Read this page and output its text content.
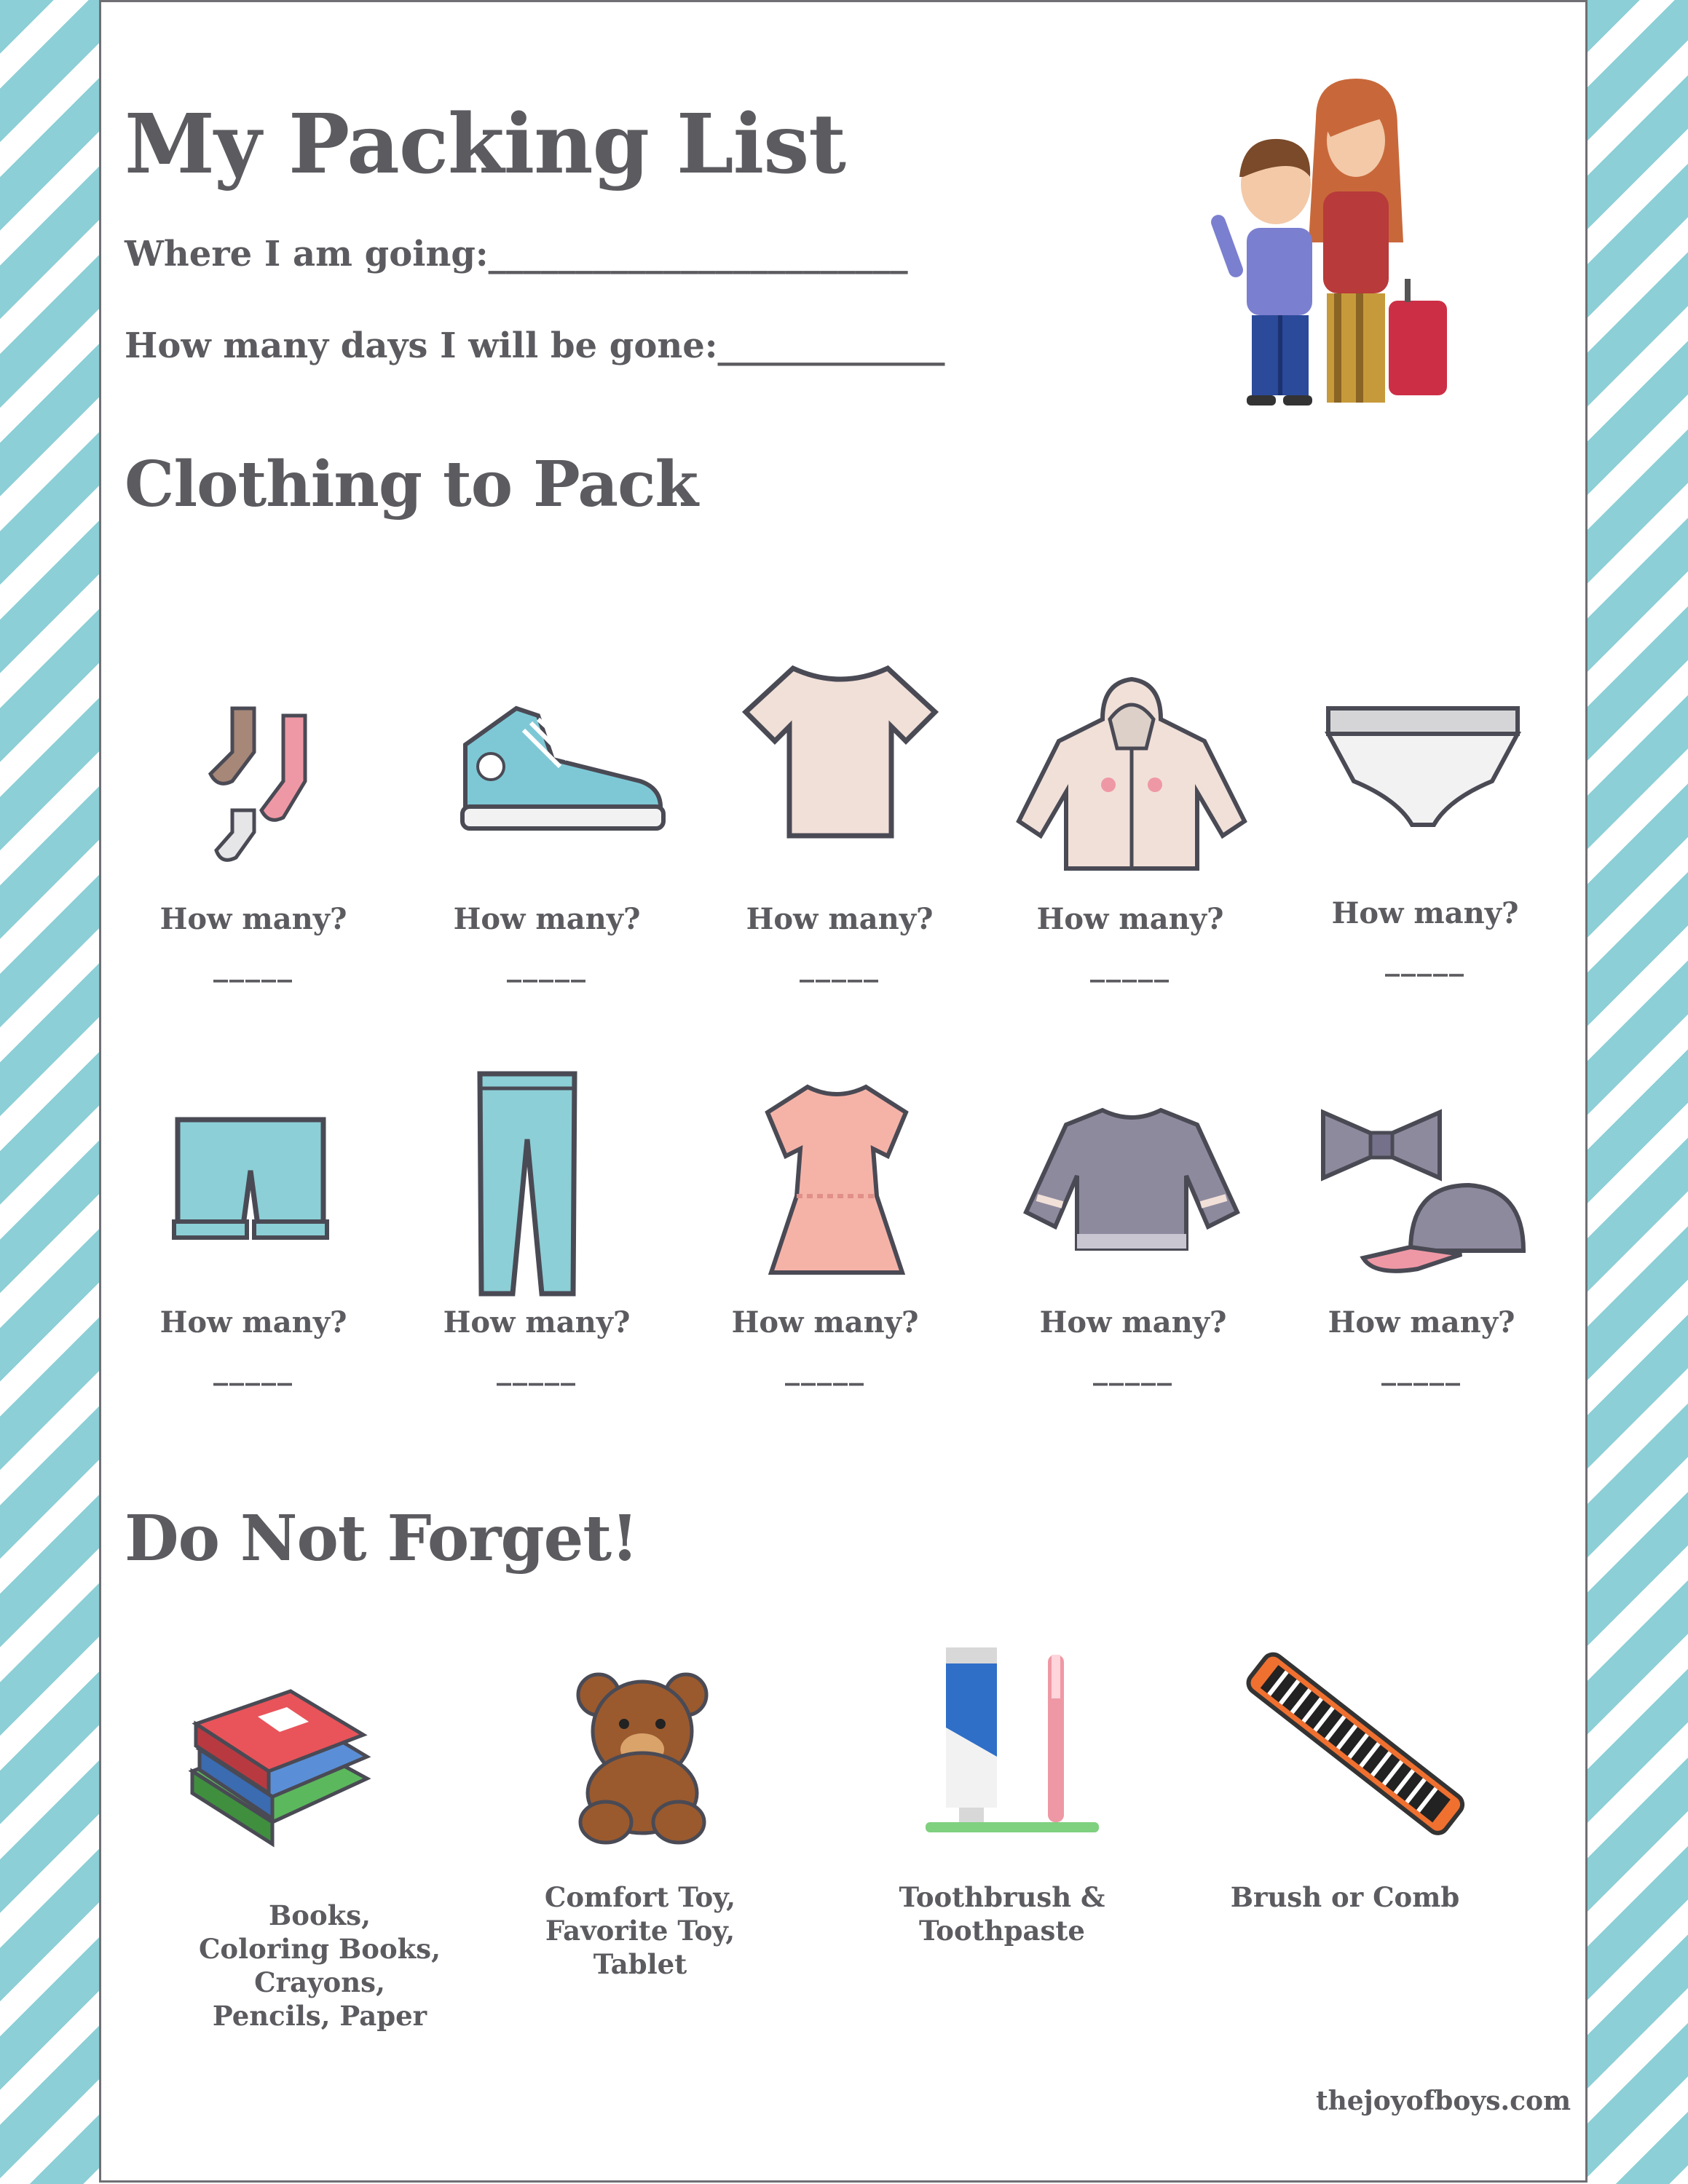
My Packing List
Where I am going:________________________
How many days I will be gone:_____________
Clothing to Pack
How many?
_____
How many?
_____
How many?
_____
How many?
_____
How many?
_____
How many?
_____
How many?
_____
How many?
_____
How many?
_____
How many?
_____
Do Not Forget!
Books,
Coloring Books,
Crayons,
Pencils, Paper
Comfort Toy,
Favorite Toy,
Tablet
Toothbrush &
Toothpaste
Brush or Comb
thejoyofboys.com
